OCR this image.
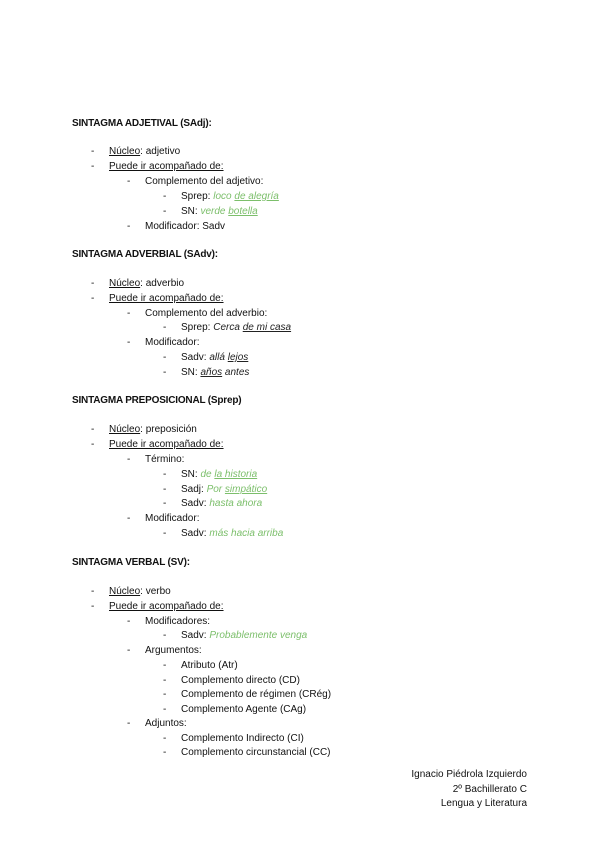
SINTAGMA ADJETIVAL (SAdj):
- Núcleo: adjetivo
- Puede ir acompañado de:
- Complemento del adjetivo:
- Sprep: loco de alegría
- SN: verde botella
- Modificador: Sadv
SINTAGMA ADVERBIAL (SAdv):
- Núcleo: adverbio
- Puede ir acompañado de:
- Complemento del adverbio:
- Sprep: Cerca de mi casa
- Modificador:
- Sadv: allá lejos
- SN: años antes
SINTAGMA PREPOSICIONAL (Sprep)
- Núcleo: preposición
- Puede ir acompañado de:
- Término:
- SN: de la historia
- Sadj: Por simpático
- Sadv: hasta ahora
- Modificador:
- Sadv: más hacia arriba
SINTAGMA VERBAL (SV):
- Núcleo: verbo
- Puede ir acompañado de:
- Modificadores:
- Sadv: Probablemente venga
- Argumentos:
- Atributo (Atr)
- Complemento directo (CD)
- Complemento de régimen (CRég)
- Complemento Agente (CAg)
- Adjuntos:
- Complemento Indirecto (CI)
- Complemento circunstancial (CC)
Ignacio Piédrola Izquierdo
2º Bachillerato C
Lengua y Literatura
